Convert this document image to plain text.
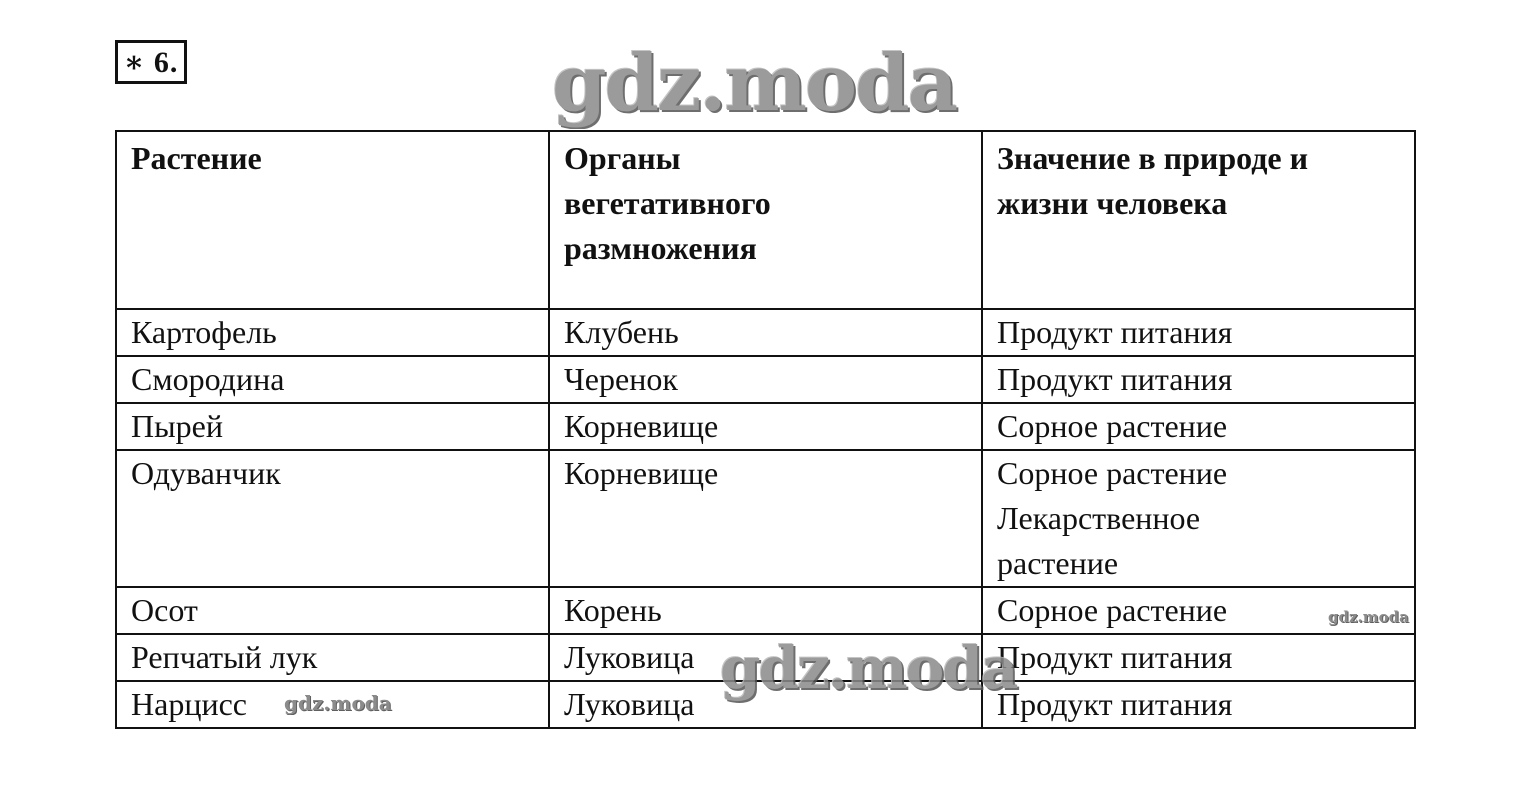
∗ 6.
Растение	Органы вегетативного размножения	Значение в природе и жизни человека

Картофель	Клубень	Продукт питания

Смородина	Черенок	Продукт питания

Пырей	Корневище	Сорное растение

Одуванчик	Корневище	Сорное растение
Лекарственное
растение

Осот	Корень	Сорное растение

Репчатый лук	Луковица	Продукт питания

Нарцисс	Луковица	Продукт питания
gdz.moda
gdz.moda
gdz.moda
gdz.moda
